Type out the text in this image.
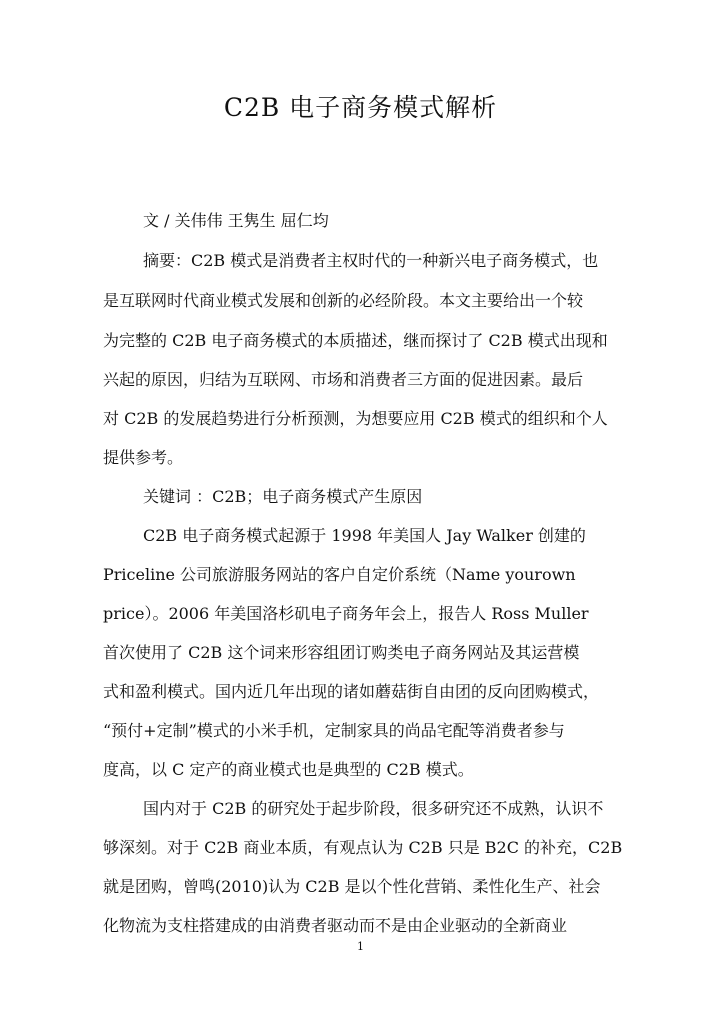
C2B 电子商务模式解析
文 / 关伟伟 王隽生 屈仁均
摘要：C2B 模式是消费者主权时代的一种新兴电子商务模式，也
是互联网时代商业模式发展和创新的必经阶段。本文主要给出一个较
为完整的 C2B 电子商务模式的本质描述，继而探讨了 C2B 模式出现和
兴起的原因，归结为互联网、市场和消费者三方面的促进因素。最后
对 C2B 的发展趋势进行分析预测，为想要应用 C2B 模式的组织和个人
提供参考。
关键词 ：C2B；电子商务模式产生原因
C2B 电子商务模式起源于 1998 年美国人 Jay Walker 创建的
Priceline 公司旅游服务网站的客户自定价系统（Name yourown
price）。2006 年美国洛杉矶电子商务年会上，报告人 Ross Muller
首次使用了 C2B 这个词来形容组团订购类电子商务网站及其运营模
式和盈利模式。国内近几年出现的诸如蘑菇街自由团的反向团购模式，
“预付+定制”模式的小米手机，定制家具的尚品宅配等消费者参与
度高，以 C 定产的商业模式也是典型的 C2B 模式。
国内对于 C2B 的研究处于起步阶段，很多研究还不成熟，认识不
够深刻。对于 C2B 商业本质，有观点认为 C2B 只是 B2C 的补充，C2B
就是团购，曾鸣(2010)认为 C2B 是以个性化营销、柔性化生产、社会
化物流为支柱搭建成的由消费者驱动而不是由企业驱动的全新商业
1
